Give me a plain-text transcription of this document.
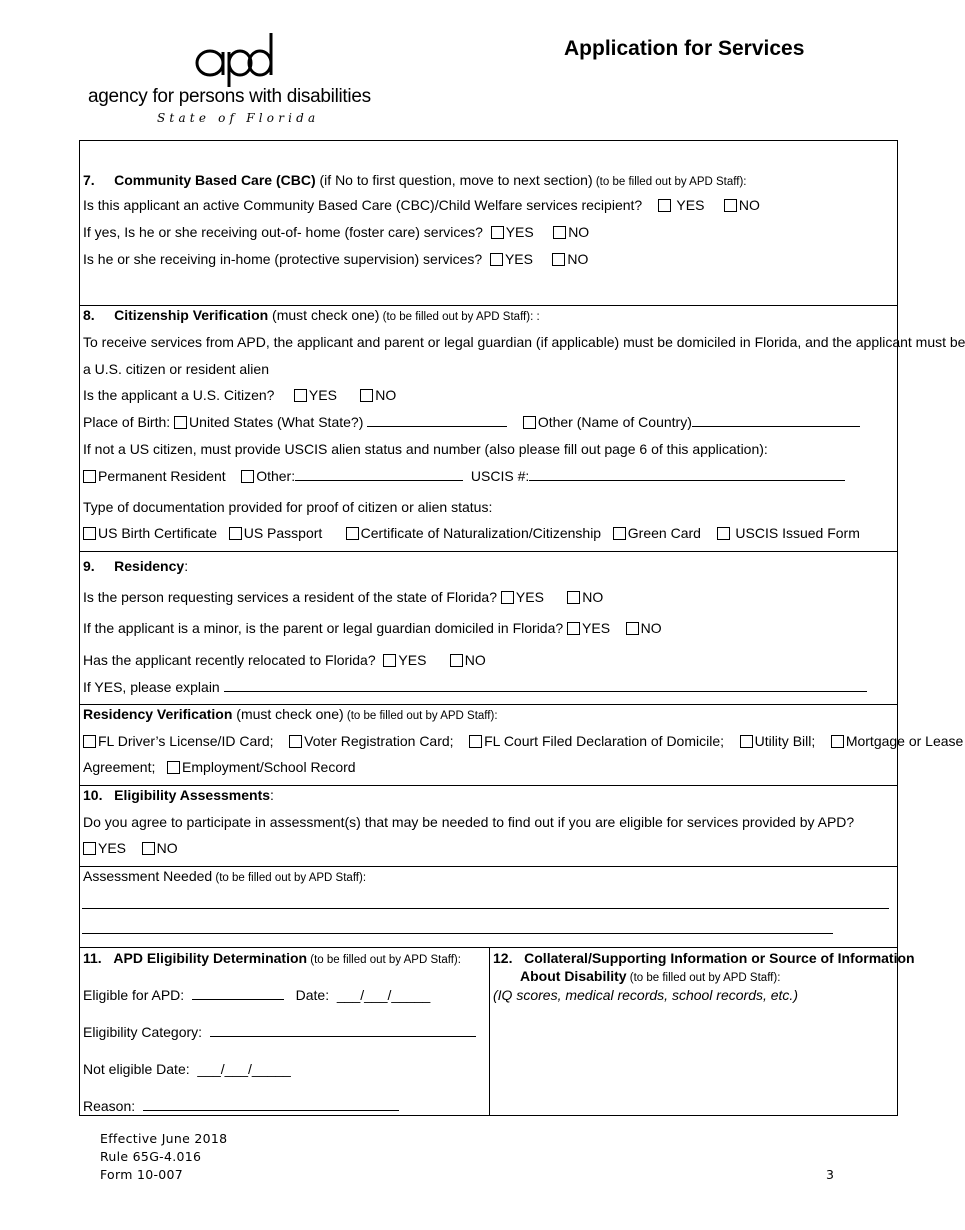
agency for persons with disabilities
State of Florida
Application for Services
7. Community Based Care (CBC) (if No to first question, move to next section) (to be filled out by APD Staff):
Is this applicant an active Community Based Care (CBC)/Child Welfare services recipient? YES NO
If yes, Is he or she receiving out-of- home (foster care) services? YES NO
Is he or she receiving in-home (protective supervision) services? YES NO
8. Citizenship Verification (must check one) (to be filled out by APD Staff): :
To receive services from APD, the applicant and parent or legal guardian (if applicable) must be domiciled in Florida, and the applicant must be
a U.S. citizen or resident alien
Is the applicant a U.S. Citizen? YES	NO
Place of Birth: United States (What State?)	Other (Name of Country)
If not a US citizen, must provide USCIS alien status and number (also please fill out page 6 of this application):
Permanent Resident Other:	USCIS #:
Type of documentation provided for proof of citizen or alien status:
US Birth Certificate US Passport	Certificate of Naturalization/Citizenship Green Card USCIS Issued Form
9. Residency:
Is the person requesting services a resident of the state of Florida? YES	NO
If the applicant is a minor, is the parent or legal guardian domiciled in Florida? YES NO
Has the applicant recently relocated to Florida? YES	NO
If YES, please explain
Residency Verification (must check one) (to be filled out by APD Staff):
FL Driver’s License/ID Card; Voter Registration Card; FL Court Filed Declaration of Domicile; Utility Bill; Mortgage or Lease
Agreement; Employment/School Record
10. Eligibility Assessments:
Do you agree to participate in assessment(s) that may be needed to find out if you are eligible for services provided by APD?
YES NO
Assessment Needed (to be filled out by APD Staff):
11. APD Eligibility Determination (to be filled out by APD Staff):
Eligible for APD:	Date: ___/___/_____
Eligibility Category:
Not eligible Date: ___/___/_____
Reason:
12. Collateral/Supporting Information or Source of Information
About Disability (to be filled out by APD Staff):
(IQ scores, medical records, school records, etc.)
Effective June 2018
Rule 65G-4.016
Form 10-007	3
